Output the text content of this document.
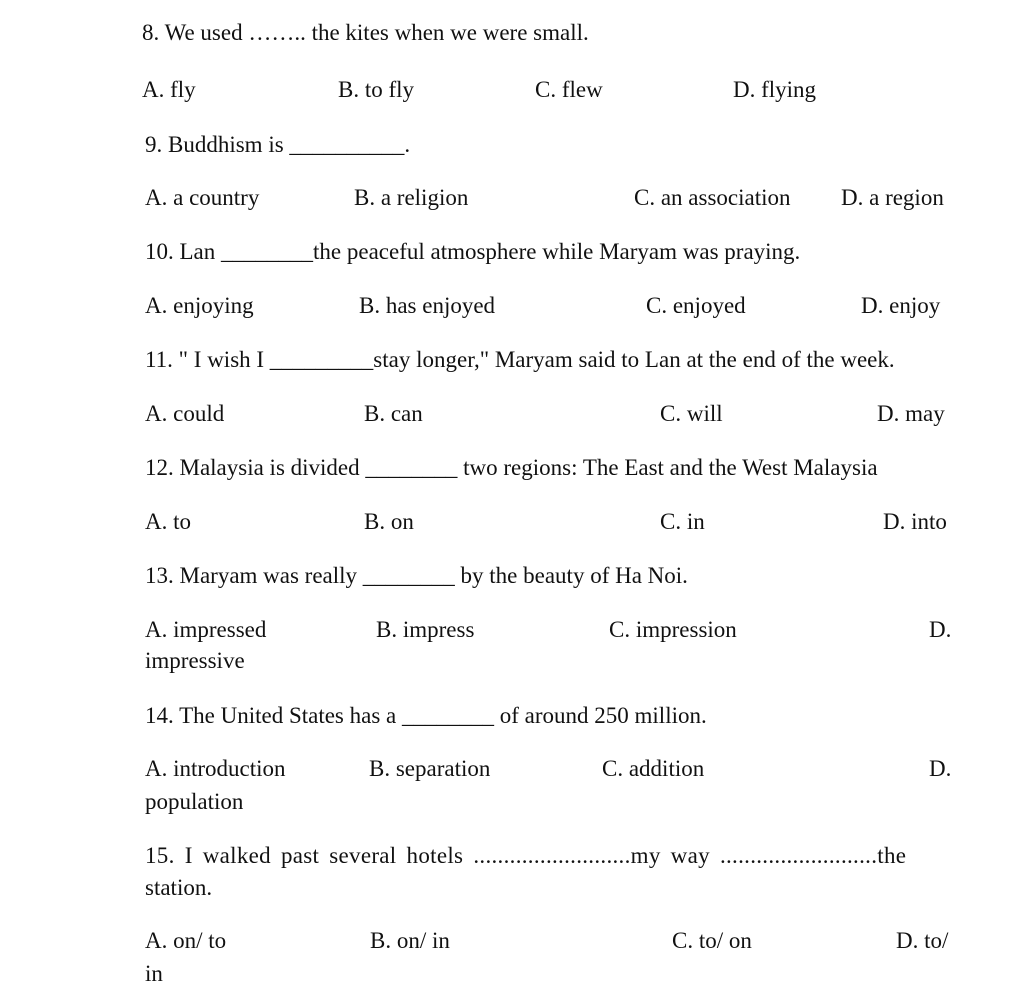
8. We used …….. the kites when we were small.
A. fly	B. to fly	C. flew	D. flying
9. Buddhism is __________.
A. a country	B. a religion	C. an association D. a region
10. Lan ________the peaceful atmosphere while Maryam was praying.
A. enjoying	B. has enjoyed	C. enjoyed	D. enjoy
11. " I wish I _________stay longer," Maryam said to Lan at the end of the week.
A. could	B. can	C. will	D. may
12. Malaysia is divided ________ two regions: The East and the West Malaysia
A. to	B. on	C. in	D. into
13. Maryam was really ________ by the beauty of Ha Noi.
A. impressed	B. impress	C. impression	D.
impressive
14. The United States has a ________ of around 250 million.
A. introduction	B. separation	C. addition	D.
population
15. I walked past several hotels ..........................my way ..........................the
station.
A. on/ to	B. on/ in	C. to/ on	D. to/
in
